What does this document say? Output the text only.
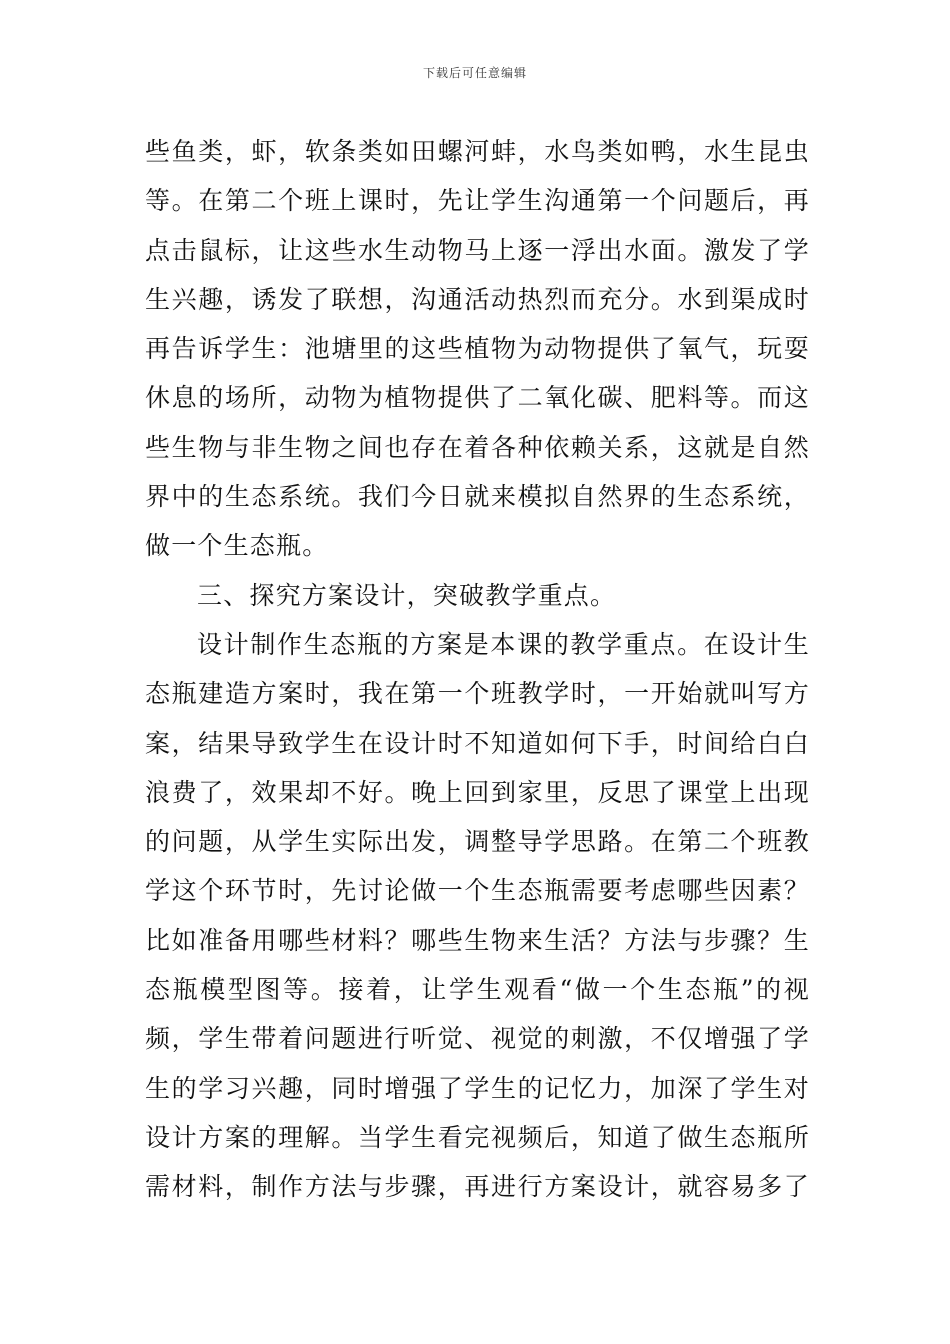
下载后可任意编辑
些鱼类，虾，软条类如田螺河蚌，水鸟类如鸭，水生昆虫
等。在第二个班上课时，先让学生沟通第一个问题后，再
点击鼠标，让这些水生动物马上逐一浮出水面。激发了学
生兴趣，诱发了联想，沟通活动热烈而充分。水到渠成时
再告诉学生：池塘里的这些植物为动物提供了氧气，玩耍
休息的场所，动物为植物提供了二氧化碳、肥料等。而这
些生物与非生物之间也存在着各种依赖关系，这就是自然
界中的生态系统。我们今日就来模拟自然界的生态系统，
做一个生态瓶。
三、探究方案设计，突破教学重点。
设计制作生态瓶的方案是本课的教学重点。在设计生
态瓶建造方案时，我在第一个班教学时，一开始就叫写方
案，结果导致学生在设计时不知道如何下手，时间给白白
浪费了，效果却不好。晚上回到家里，反思了课堂上出现
的问题，从学生实际出发，调整导学思路。在第二个班教
学这个环节时，先讨论做一个生态瓶需要考虑哪些因素？
比如准备用哪些材料？哪些生物来生活？方法与步骤？生
态瓶模型图等。接着，让学生观看“做一个生态瓶”的视
频，学生带着问题进行听觉、视觉的刺激，不仅增强了学
生的学习兴趣，同时增强了学生的记忆力，加深了学生对
设计方案的理解。当学生看完视频后，知道了做生态瓶所
需材料，制作方法与步骤，再进行方案设计，就容易多了
